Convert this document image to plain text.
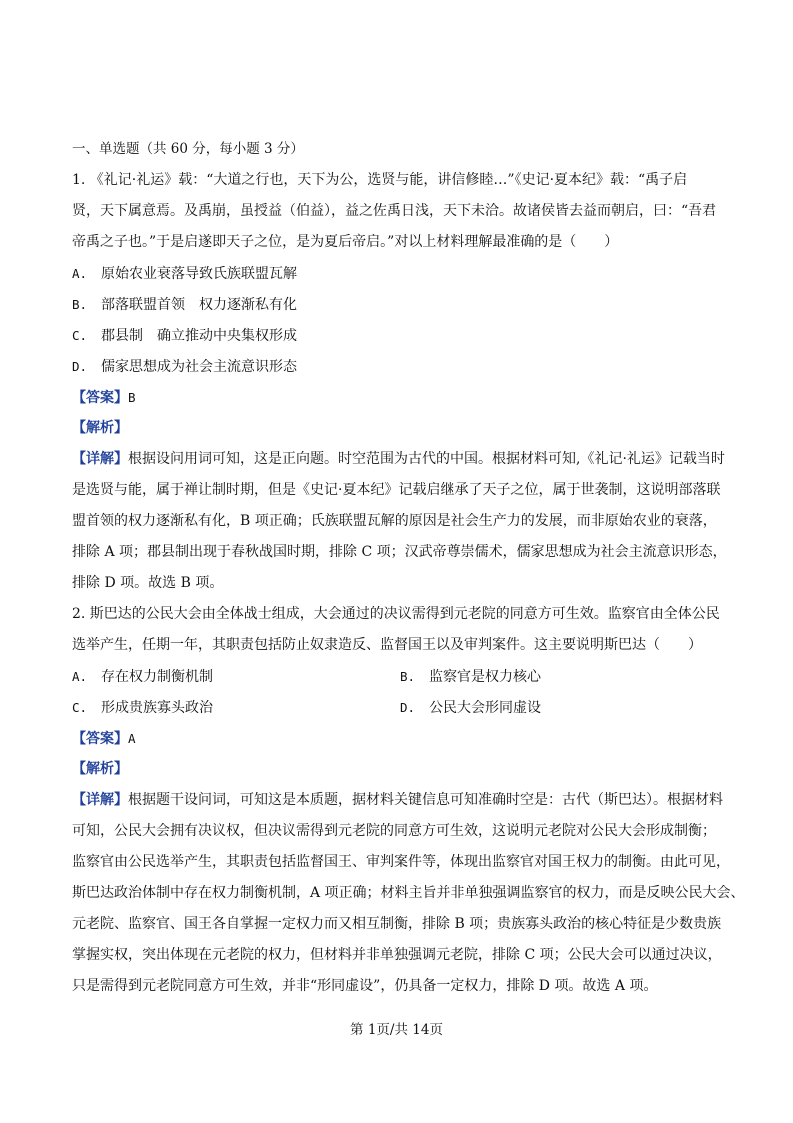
一、单选题（共 60 分，每小题 3 分）
1. 《礼记·礼运》载：“大道之行也，天下为公，选贤与能，讲信修睦…”《史记·夏本纪》载：“禹子启
贤，天下属意焉。及禹崩，虽授益（伯益），益之佐禹日浅，天下未洽。故诸侯皆去益而朝启，曰：“吾君
帝禹之子也。”于是启遂即天子之位，是为夏后帝启。”对以上材料理解最准确的是（　　）
A. 原始农业衰落导致氏族联盟瓦解
B. 部落联盟首领　权力逐渐私有化
C. 郡县制　确立推动中央集权形成
D. 儒家思想成为社会主流意识形态
【答案】B
【解析】
【详解】根据设问用词可知，这是正向题。时空范围为古代的中国。根据材料可知,《礼记·礼运》记载当时
是选贤与能，属于禅让制时期，但是《史记·夏本纪》记载启继承了天子之位，属于世袭制，这说明部落联
盟首领的权力逐渐私有化，B 项正确；氏族联盟瓦解的原因是社会生产力的发展，而非原始农业的衰落，
排除 A 项；郡县制出现于春秋战国时期，排除 C 项；汉武帝尊崇儒术，儒家思想成为社会主流意识形态，
排除 D 项。故选 B 项。
2. 斯巴达的公民大会由全体战士组成，大会通过的决议需得到元老院的同意方可生效。监察官由全体公民
选举产生，任期一年，其职责包括防止奴隶造反、监督国王以及审判案件。这主要说明斯巴达（　　）
A. 存在权力制衡机制	B. 监察官是权力核心
C. 形成贵族寡头政治	D. 公民大会形同虚设
【答案】A
【解析】
【详解】根据题干设问词，可知这是本质题，据材料关键信息可知准确时空是：古代（斯巴达）。根据材料
可知，公民大会拥有决议权，但决议需得到元老院的同意方可生效，这说明元老院对公民大会形成制衡；
监察官由公民选举产生，其职责包括监督国王、审判案件等，体现出监察官对国王权力的制衡。由此可见，
斯巴达政治体制中存在权力制衡机制，A 项正确；材料主旨并非单独强调监察官的权力，而是反映公民大会、
元老院、监察官、国王各自掌握一定权力而又相互制衡，排除 B 项；贵族寡头政治的核心特征是少数贵族
掌握实权，突出体现在元老院的权力，但材料并非单独强调元老院，排除 C 项；公民大会可以通过决议，
只是需得到元老院同意方可生效，并非“形同虚设”，仍具备一定权力，排除 D 项。故选 A 项。
第 1页/共 14页
